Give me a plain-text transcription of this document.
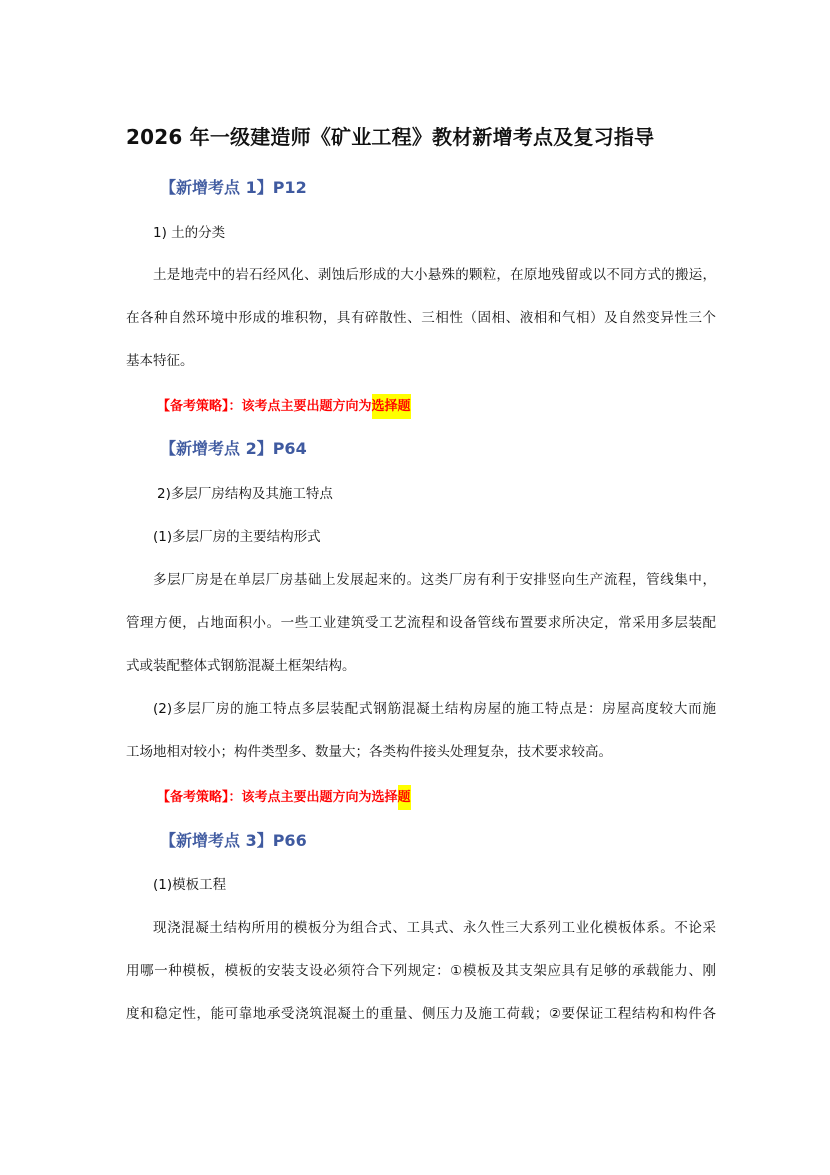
2026 年一级建造师《矿业工程》教材新增考点及复习指导
【新增考点 1】P12
1) 土的分类
土是地壳中的岩石经风化、剥蚀后形成的大小悬殊的颗粒，在原地残留或以不同方式的搬运，
在各种自然环境中形成的堆积物，具有碎散性、三相性（固相、液相和气相）及自然变异性三个
基本特征。
【备考策略】：该考点主要出题方向为选择题
【新增考点 2】P64
2)多层厂房结构及其施工特点
(1)多层厂房的主要结构形式
多层厂房是在单层厂房基础上发展起来的。这类厂房有利于安排竖向生产流程，管线集中，
管理方便，占地面积小。一些工业建筑受工艺流程和设备管线布置要求所决定，常采用多层装配
式或装配整体式钢筋混凝土框架结构。
(2)多层厂房的施工特点多层装配式钢筋混凝土结构房屋的施工特点是：房屋高度较大而施
工场地相对较小；构件类型多、数量大；各类构件接头处理复杂，技术要求较高。
【备考策略】：该考点主要出题方向为选择题
【新增考点 3】P66
(1)模板工程
现浇混凝土结构所用的模板分为组合式、工具式、永久性三大系列工业化模板体系。不论采
用哪一种模板，模板的安装支设必须符合下列规定：①模板及其支架应具有足够的承载能力、刚
度和稳定性，能可靠地承受浇筑混凝土的重量、侧压力及施工荷载；②要保证工程结构和构件各
